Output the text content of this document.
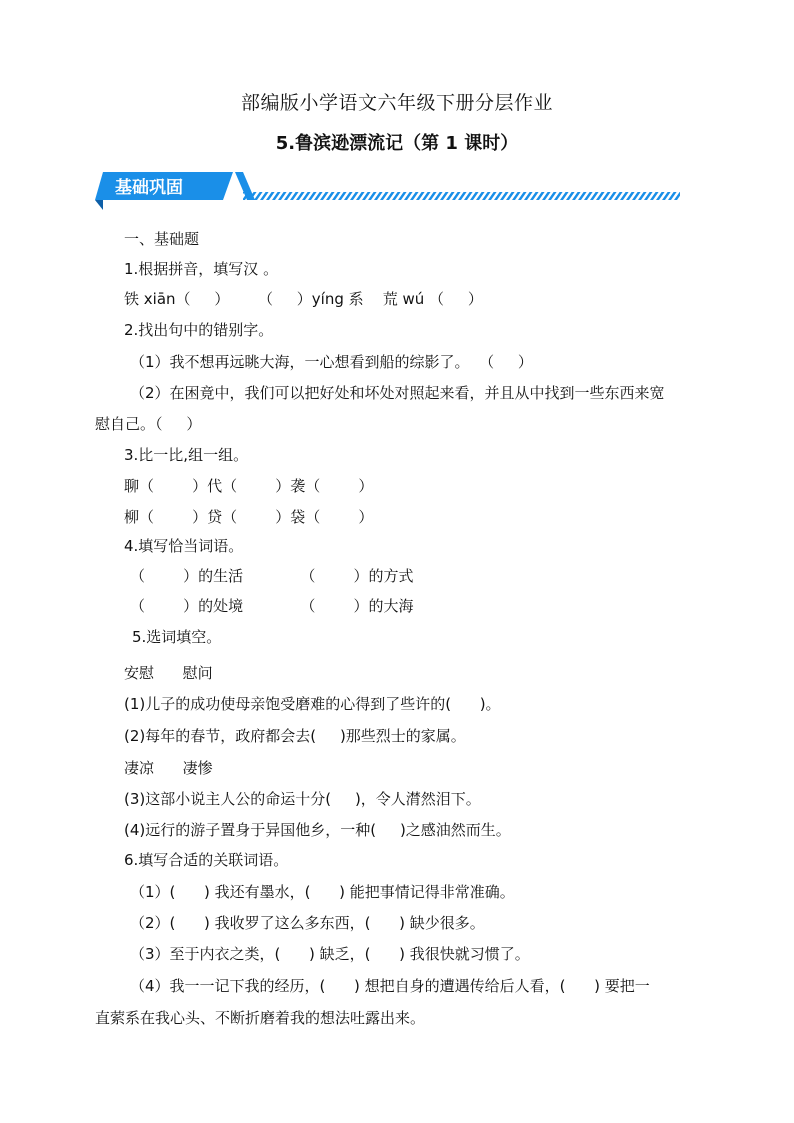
部编版小学语文六年级下册分层作业
5.鲁滨逊漂流记（第 1 课时）
基础巩固
一、基础题
1.根据拼音，填写汉 。
铁 xiān（     ）      （     ）yíng 系    荒 wú （     ）
2.找出句中的错别字。
（1）我不想再远眺大海，一心想看到船的综影了。  （     ）
（2）在困竟中，我们可以把好处和坏处对照起来看，并且从中找到一些东西来宽
慰自己。（     ）
3.比一比,组一组。
聊（        ）代（        ）袭（        ）
柳（        ）贷（        ）袋（        ）
4.填写恰当词语。
（        ）的生活            （        ）的方式
（        ）的处境            （        ）的大海
5.选词填空。
安慰      慰问
(1)儿子的成功使母亲饱受磨难的心得到了些许的(      )。
(2)每年的春节，政府都会去(     )那些烈士的家属。
凄凉      凄惨
(3)这部小说主人公的命运十分(     )，令人潸然泪下。
(4)远行的游子置身于异国他乡，一种(     )之感油然而生。
6.填写合适的关联词语。
（1）(      ) 我还有墨水，(      ) 能把事情记得非常准确。
（2）(      ) 我收罗了这么多东西，(      ) 缺少很多。
（3）至于内衣之类，(      ) 缺乏，(      ) 我很快就习惯了。
（4）我一一记下我的经历，(      ) 想把自身的遭遇传给后人看，(      ) 要把一
直萦系在我心头、不断折磨着我的想法吐露出来。
